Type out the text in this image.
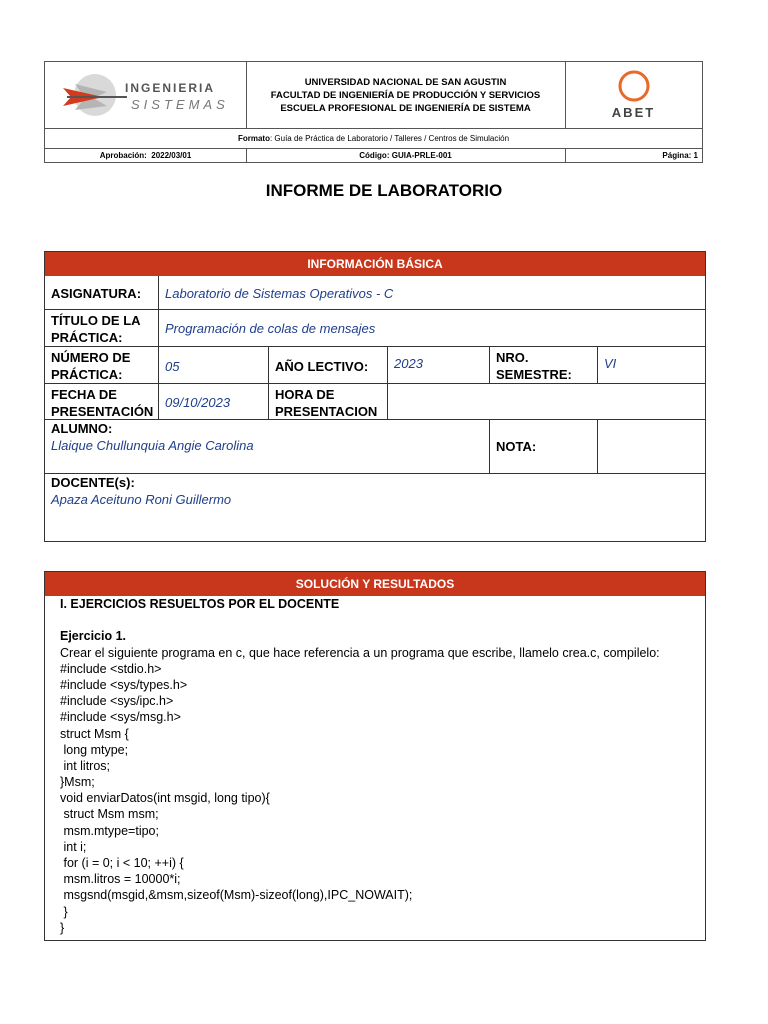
INGENIERIA
SISTEMAS
UNIVERSIDAD NACIONAL DE SAN AGUSTIN
FACULTAD DE INGENIERÍA DE PRODUCCIÓN Y SERVICIOS
ESCUELA PROFESIONAL DE INGENIERÍA DE SISTEMA	ABET
Formato: Guía de Práctica de Laboratorio / Talleres / Centros de Simulación
Aprobación: 2022/03/01	Código: GUIA-PRLE-001	Página: 1
INFORME DE LABORATORIO
INFORMACIÓN BÁSICA
ASIGNATURA:	Laboratorio de Sistemas Operativos - C
TÍTULO DE LA PRÁCTICA:
Programación de colas de mensajes
NÚMERO DE PRÁCTICA:
05	AÑO LECTIVO:	2023	NRO. SEMESTRE:
VI
FECHA DE PRESENTACIÓN
09/10/2023
HORA DE PRESENTACION
ALUMNO:
Llaique Chullunquia Angie Carolina	NOTA:
DOCENTE(s):
Apaza Aceituno Roni Guillermo
SOLUCIÓN Y RESULTADOS
I. EJERCICIOS RESUELTOS POR EL DOCENTE
Ejercicio 1.
Crear el siguiente programa en c, que hace referencia a un programa que escribe, llamelo crea.c, compilelo:
#include <stdio.h>
#include <sys/types.h>
#include <sys/ipc.h>
#include <sys/msg.h>
struct Msm {
long mtype;
int litros;
}Msm;
void enviarDatos(int msgid, long tipo){
struct Msm msm;
msm.mtype=tipo;
int i;
for (i = 0; i < 10; ++i) {
msm.litros = 10000*i;
msgsnd(msgid,&msm,sizeof(Msm)-sizeof(long),IPC_NOWAIT);
}
}
